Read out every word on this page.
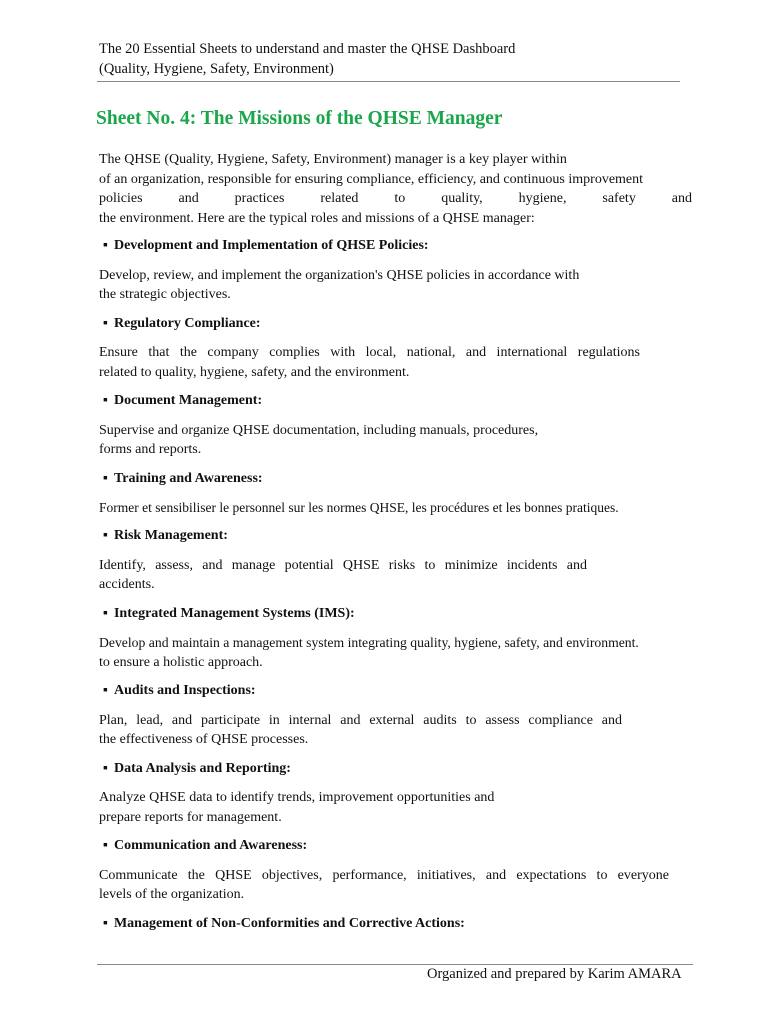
The 20 Essential Sheets to understand and master the QHSE Dashboard
(Quality, Hygiene, Safety, Environment)
Sheet No. 4: The Missions of the QHSE Manager
The QHSE (Quality, Hygiene, Safety, Environment) manager is a key player within
of an organization, responsible for ensuring compliance, efficiency, and continuous improvement
policies and practices related to quality, hygiene, safety and
the environment. Here are the typical roles and missions of a QHSE manager:
▪ Development and Implementation of QHSE Policies:
Develop, review, and implement the organization's QHSE policies in accordance with
the strategic objectives.
▪ Regulatory Compliance:
Ensure that the company complies with local, national, and international regulations
related to quality, hygiene, safety, and the environment.
▪ Document Management:
Supervise and organize QHSE documentation, including manuals, procedures,
forms and reports.
▪ Training and Awareness:
Former et sensibiliser le personnel sur les normes QHSE, les procédures et les bonnes pratiques.
▪ Risk Management:
Identify, assess, and manage potential QHSE risks to minimize incidents and
accidents.
▪ Integrated Management Systems (IMS):
Develop and maintain a management system integrating quality, hygiene, safety, and environment.
to ensure a holistic approach.
▪ Audits and Inspections:
Plan, lead, and participate in internal and external audits to assess compliance and
the effectiveness of QHSE processes.
▪ Data Analysis and Reporting:
Analyze QHSE data to identify trends, improvement opportunities and
prepare reports for management.
▪ Communication and Awareness:
Communicate the QHSE objectives, performance, initiatives, and expectations to everyone
levels of the organization.
▪ Management of Non-Conformities and Corrective Actions:
Organized and prepared by Karim AMARA
